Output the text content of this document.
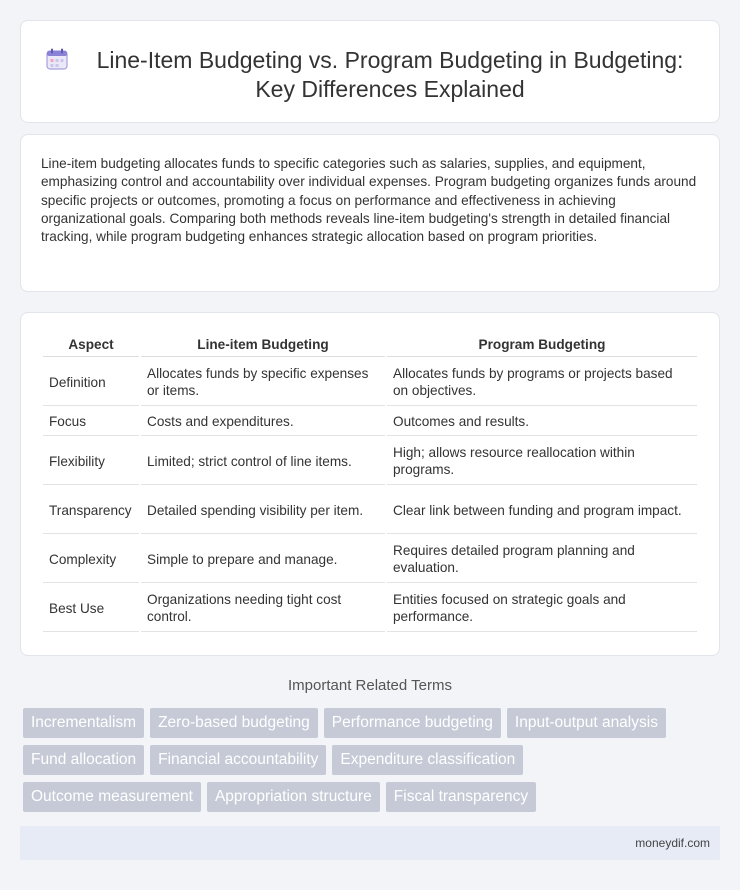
Line-Item Budgeting vs. Program Budgeting in Budgeting:
Key Differences Explained

Line-item budgeting allocates funds to specific categories such as salaries, supplies, and equipment, emphasizing control and accountability over individual expenses. Program budgeting organizes funds around specific projects or outcomes, promoting a focus on performance and effectiveness in achieving organizational goals. Comparing both methods reveals line-item budgeting's strength in detailed financial tracking, while program budgeting enhances strategic allocation based on program priorities.

Aspect	Line-item Budgeting	Program Budgeting
Definition	Allocates funds by specific expenses or items.	Allocates funds by programs or projects based on objectives.
Focus	Costs and expenditures.	Outcomes and results.
Flexibility	Limited; strict control of line items.	High; allows resource reallocation within programs.
Transparency	Detailed spending visibility per item.	Clear link between funding and program impact.
Complexity	Simple to prepare and manage.	Requires detailed program planning and evaluation.
Best Use	Organizations needing tight cost control.	Entities focused on strategic goals and performance.
Important Related Terms
Incrementalism	Zero-based budgeting	Performance budgeting	Input-output analysis
Fund allocation	Financial accountability	Expenditure classification
Outcome measurement	Appropriation structure	Fiscal transparency
moneydif.com
